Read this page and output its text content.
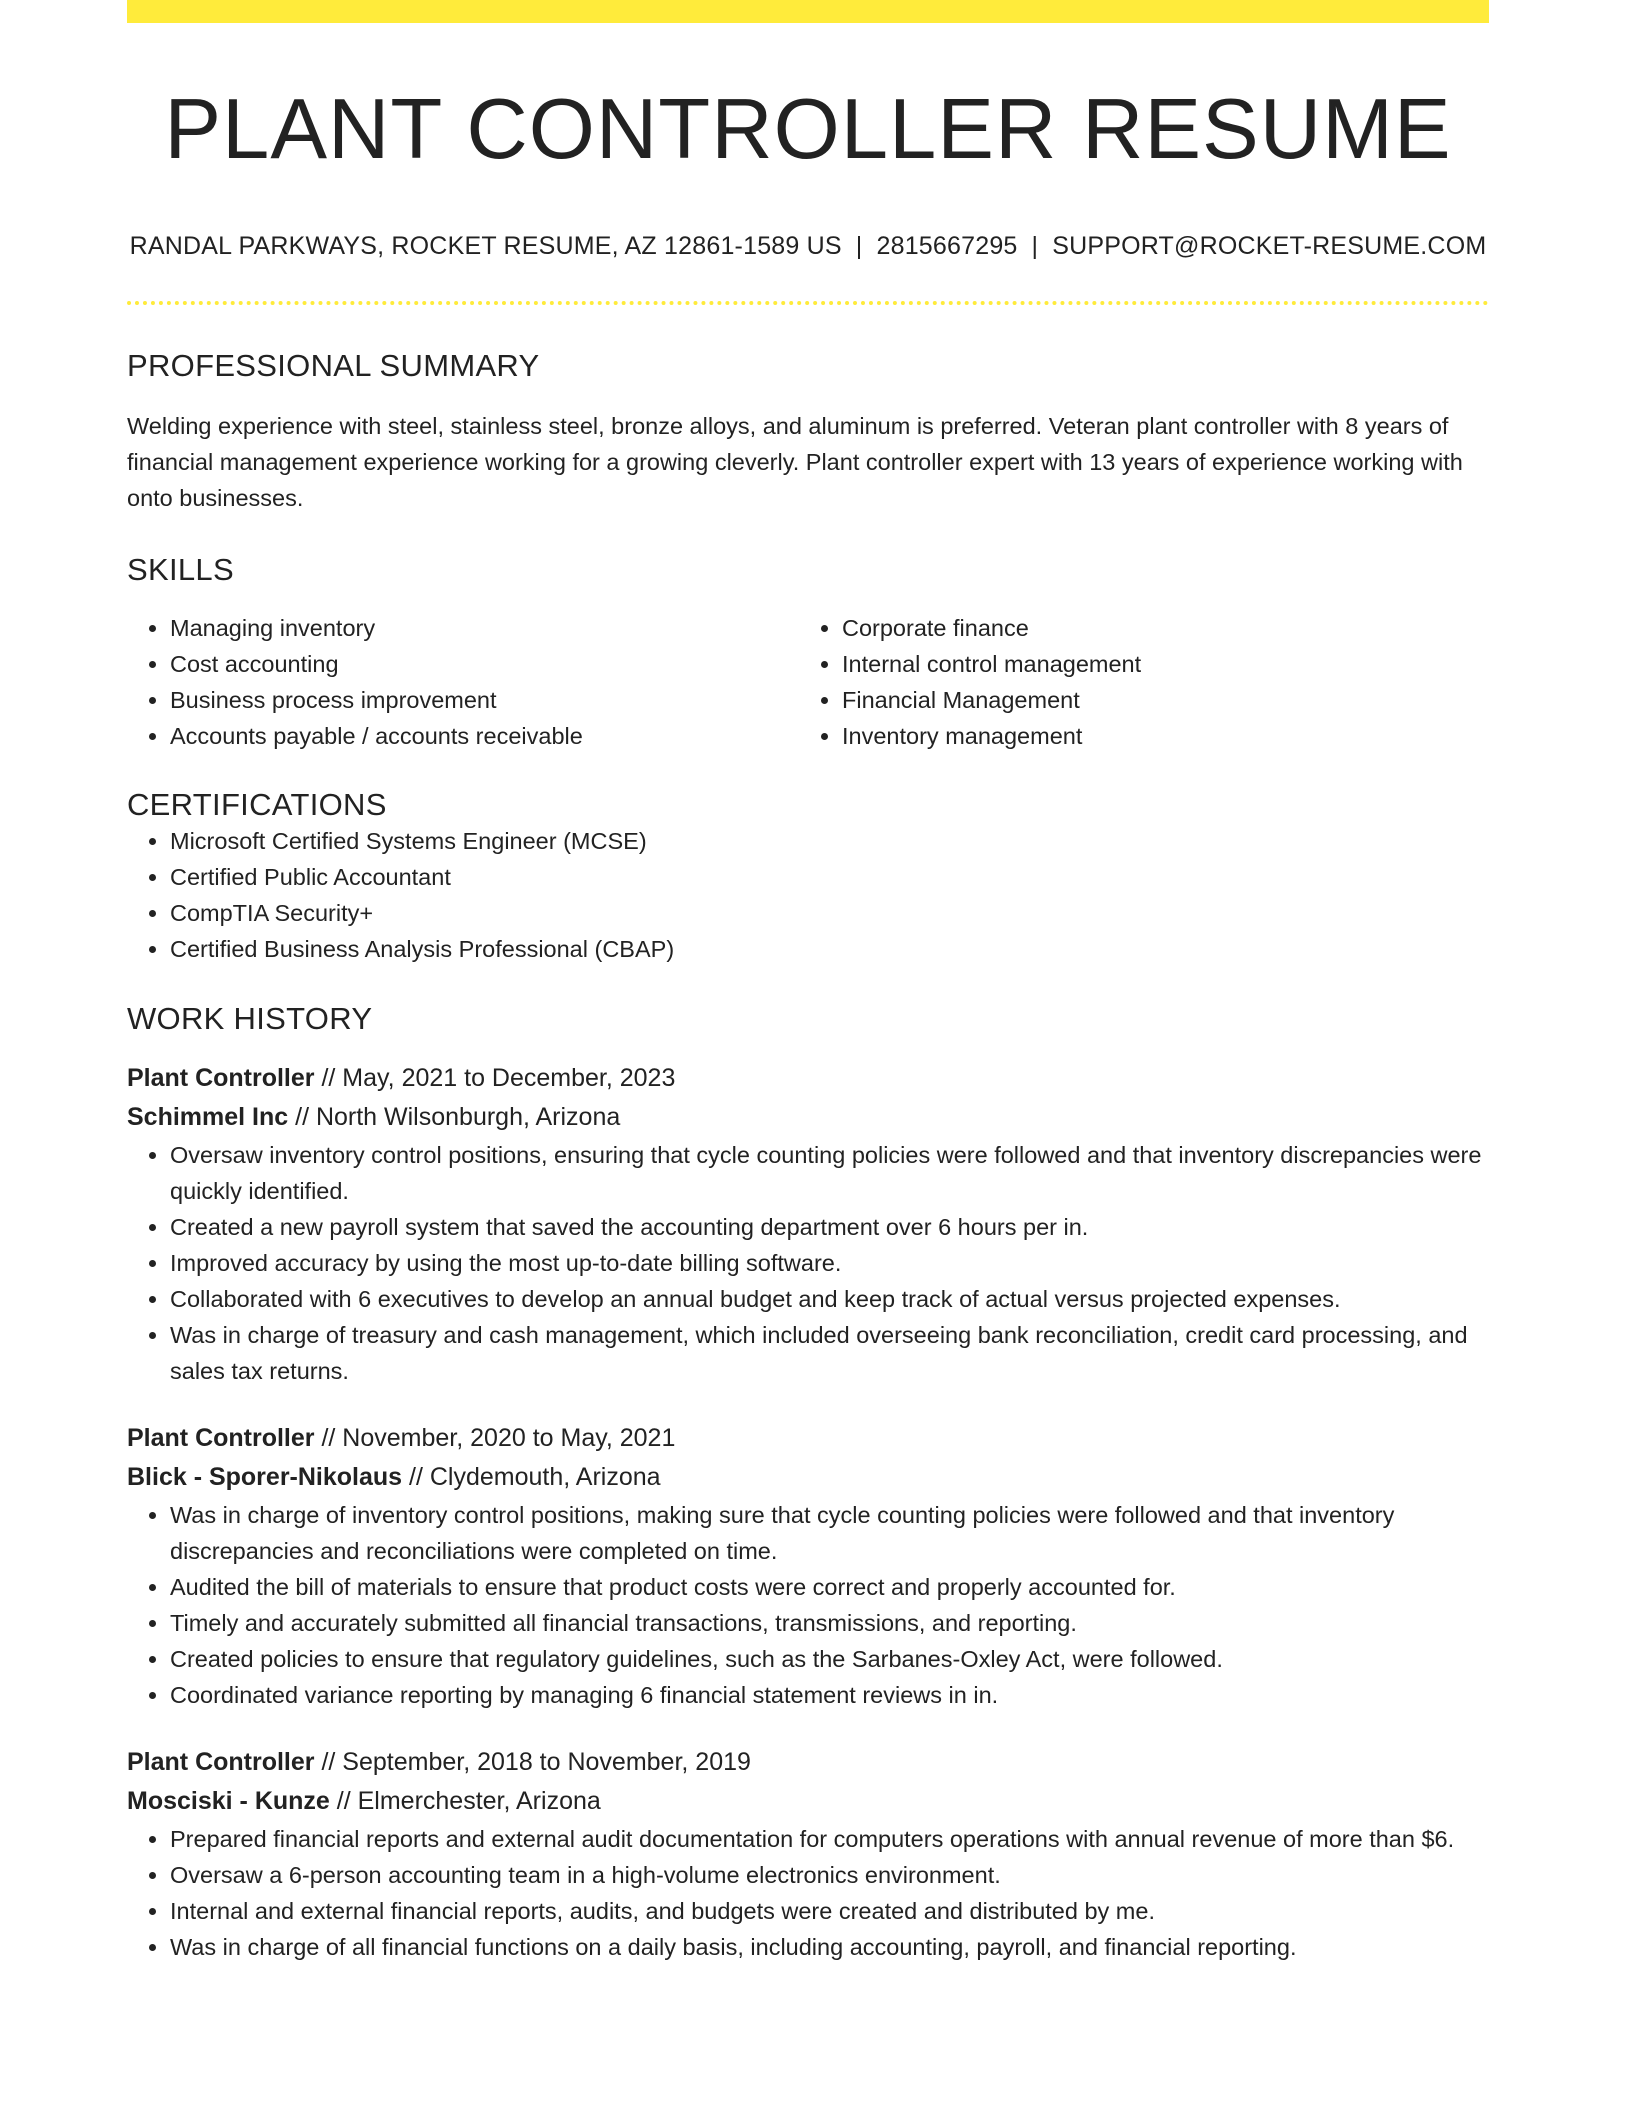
PLANT CONTROLLER RESUME
RANDAL PARKWAYS, ROCKET RESUME, AZ 12861-1589 US | 2815667295 | SUPPORT@ROCKET-RESUME.COM
PROFESSIONAL SUMMARY
Welding experience with steel, stainless steel, bronze alloys, and aluminum is preferred. Veteran plant controller with 8 years of financial management experience working for a growing cleverly. Plant controller expert with 13 years of experience working with onto businesses.
SKILLS
• Managing inventory
• Cost accounting
• Business process improvement
• Accounts payable / accounts receivable
• Corporate finance
• Internal control management
• Financial Management
• Inventory management
CERTIFICATIONS
• Microsoft Certified Systems Engineer (MCSE)
• Certified Public Accountant
• CompTIA Security+
• Certified Business Analysis Professional (CBAP)
WORK HISTORY
Plant Controller // May, 2021 to December, 2023
Schimmel Inc // North Wilsonburgh, Arizona
• Oversaw inventory control positions, ensuring that cycle counting policies were followed and that inventory discrepancies were quickly identified.
• Created a new payroll system that saved the accounting department over 6 hours per in.
• Improved accuracy by using the most up-to-date billing software.
• Collaborated with 6 executives to develop an annual budget and keep track of actual versus projected expenses.
• Was in charge of treasury and cash management, which included overseeing bank reconciliation, credit card processing, and sales tax returns.
Plant Controller // November, 2020 to May, 2021
Blick - Sporer-Nikolaus // Clydemouth, Arizona
• Was in charge of inventory control positions, making sure that cycle counting policies were followed and that inventory discrepancies and reconciliations were completed on time.
• Audited the bill of materials to ensure that product costs were correct and properly accounted for.
• Timely and accurately submitted all financial transactions, transmissions, and reporting.
• Created policies to ensure that regulatory guidelines, such as the Sarbanes-Oxley Act, were followed.
• Coordinated variance reporting by managing 6 financial statement reviews in in.
Plant Controller // September, 2018 to November, 2019
Mosciski - Kunze // Elmerchester, Arizona
• Prepared financial reports and external audit documentation for computers operations with annual revenue of more than $6.
• Oversaw a 6-person accounting team in a high-volume electronics environment.
• Internal and external financial reports, audits, and budgets were created and distributed by me.
• Was in charge of all financial functions on a daily basis, including accounting, payroll, and financial reporting.
